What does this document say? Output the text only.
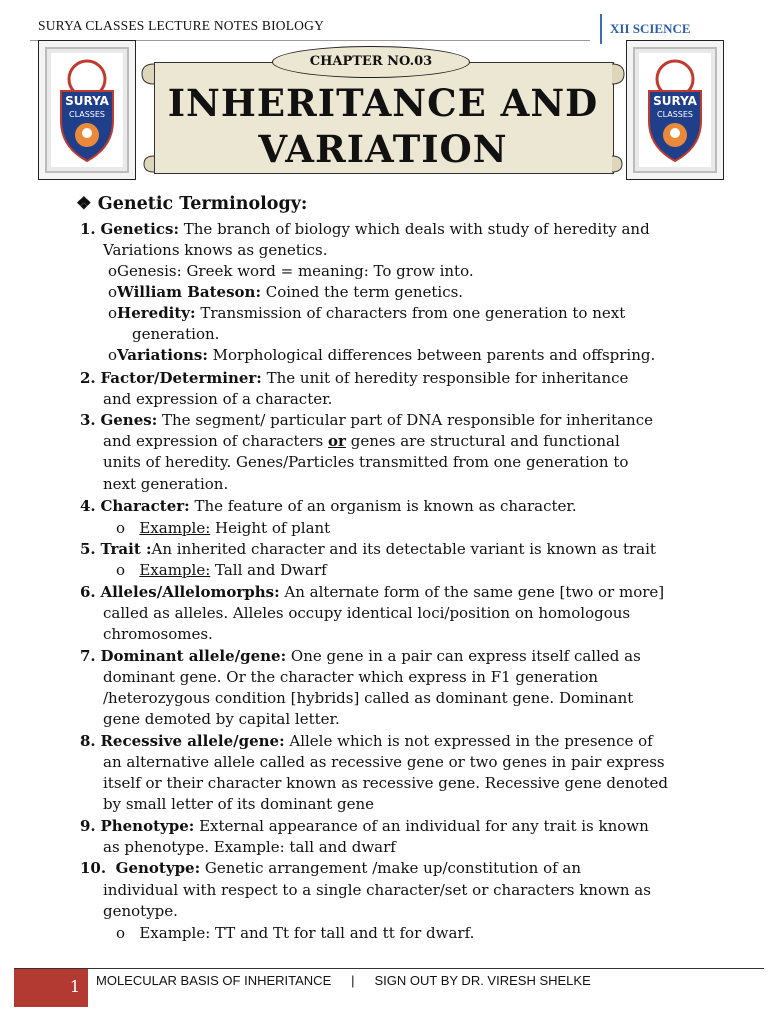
SURYA CLASSES LECTURE NOTES BIOLOGY	XII SCIENCE
SURYA
CLASSES
SURYA
CLASSES
CHAPTER NO.03
INHERITANCE AND
VARIATION
❖ Genetic Terminology:
1. Genetics: The branch of biology which deals with study of heredity and
Variations knows as genetics.
oGenesis: Greek word = meaning: To grow into.
oWilliam Bateson: Coined the term genetics.
oHeredity: Transmission of characters from one generation to next
generation.
oVariations: Morphological differences between parents and offspring.
2. Factor/Determiner: The unit of heredity responsible for inheritance
and expression of a character.
3. Genes: The segment/ particular part of DNA responsible for inheritance
and expression of characters or genes are structural and functional
units of heredity. Genes/Particles transmitted from one generation to
next generation.
4. Character: The feature of an organism is known as character.
o Example: Height of plant
5. Trait :An inherited character and its detectable variant is known as trait
o Example: Tall and Dwarf
6. Alleles/Allelomorphs: An alternate form of the same gene [two or more]
called as alleles. Alleles occupy identical loci/position on homologous
chromosomes.
7. Dominant allele/gene: One gene in a pair can express itself called as
dominant gene. Or the character which express in F1 generation
/heterozygous condition [hybrids] called as dominant gene. Dominant
gene demoted by capital letter.
8. Recessive allele/gene: Allele which is not expressed in the presence of
an alternative allele called as recessive gene or two genes in pair express
itself or their character known as recessive gene. Recessive gene denoted
by small letter of its dominant gene
9. Phenotype: External appearance of an individual for any trait is known
as phenotype. Example: tall and dwarf
10. Genotype: Genetic arrangement /make up/constitution of an
individual with respect to a single character/set or characters known as
genotype.
o Example: TT and Tt for tall and tt for dwarf.
1	MOLECULAR BASIS OF INHERITANCE | SIGN OUT BY DR. VIRESH SHELKE
